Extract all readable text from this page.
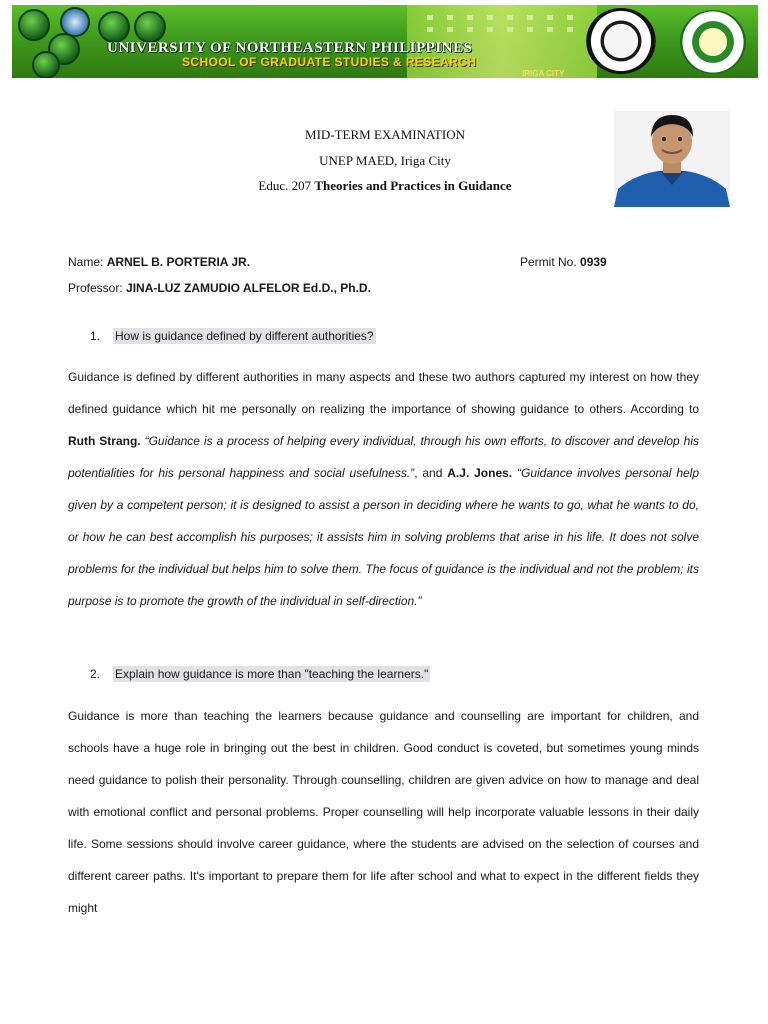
UNIVERSITY OF NORTHEASTERN PHILIPPINES
SCHOOL OF GRADUATE STUDIES & RESEARCH
IRIGA CITY
MID-TERM EXAMINATION
UNEP MAED, Iriga City
Educ. 207 Theories and Practices in Guidance
Name: ARNEL B. PORTERIA JR.	Permit No. 0939
Professor: JINA-LUZ ZAMUDIO ALFELOR Ed.D., Ph.D.
1. How is guidance defined by different authorities?
Guidance is defined by different authorities in many aspects and these two authors captured my interest on how they defined guidance which hit me personally on realizing the importance of showing guidance to others. According to Ruth Strang. “Guidance is a process of helping every individual, through his own efforts, to discover and develop his potentialities for his personal happiness and social usefulness.”, and A.J. Jones. “Guidance involves personal help given by a competent person; it is designed to assist a person in deciding where he wants to go, what he wants to do, or how he can best accomplish his purposes; it assists him in solving problems that arise in his life. It does not solve problems for the individual but helps him to solve them. The focus of guidance is the individual and not the problem; its purpose is to promote the growth of the individual in self-direction.”
2. Explain how guidance is more than "teaching the learners."
Guidance is more than teaching the learners because guidance and counselling are important for children, and schools have a huge role in bringing out the best in children. Good conduct is coveted, but sometimes young minds need guidance to polish their personality. Through counselling, children are given advice on how to manage and deal with emotional conflict and personal problems. Proper counselling will help incorporate valuable lessons in their daily life. Some sessions should involve career guidance, where the students are advised on the selection of courses and different career paths. It's important to prepare them for life after school and what to expect in the different fields they might
